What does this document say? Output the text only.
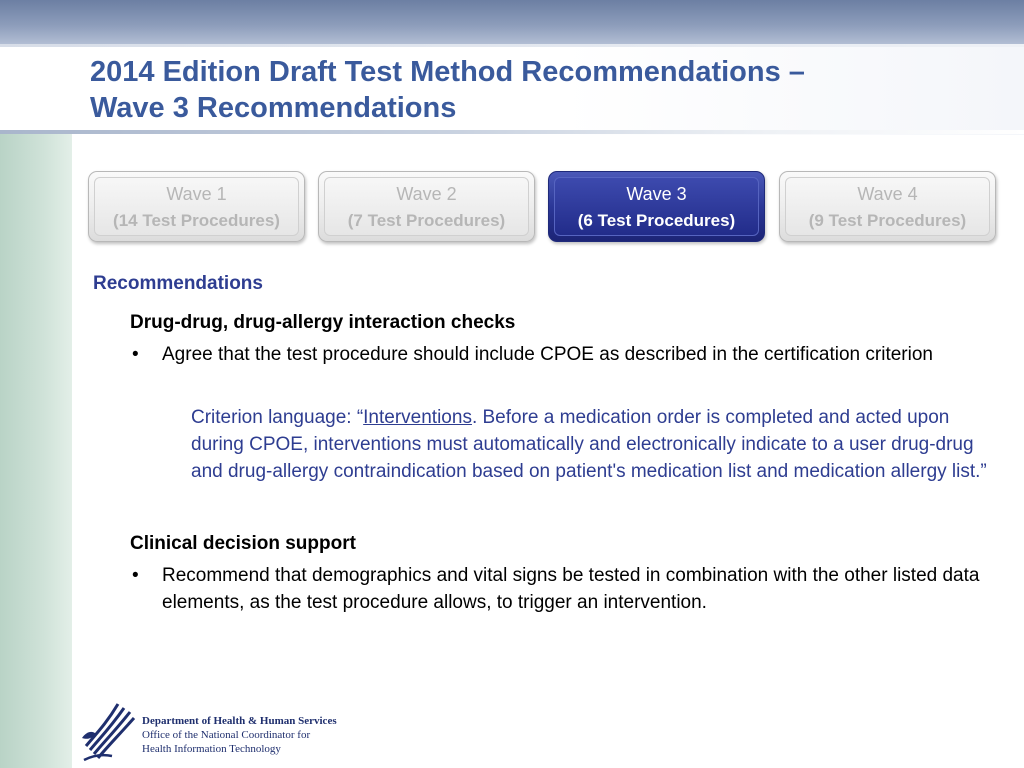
2014 Edition Draft Test Method Recommendations –
Wave 3 Recommendations
Wave 1
(14 Test Procedures)
Wave 2
(7 Test Procedures)
Wave 3
(6 Test Procedures)
Wave 4
(9 Test Procedures)
Recommendations
Drug-drug, drug-allergy interaction checks
• Agree that the test procedure should include CPOE as described in the certification criterion
Criterion language: “Interventions. Before a medication order is completed and acted upon during CPOE, interventions must automatically and electronically indicate to a user drug-drug and drug-allergy contraindication based on patient's medication list and medication allergy list.”
Clinical decision support
• Recommend that demographics and vital signs be tested in combination with the other listed data elements, as the test procedure allows, to trigger an intervention.
Department of Health & Human Services
Office of the National Coordinator for
Health Information Technology
